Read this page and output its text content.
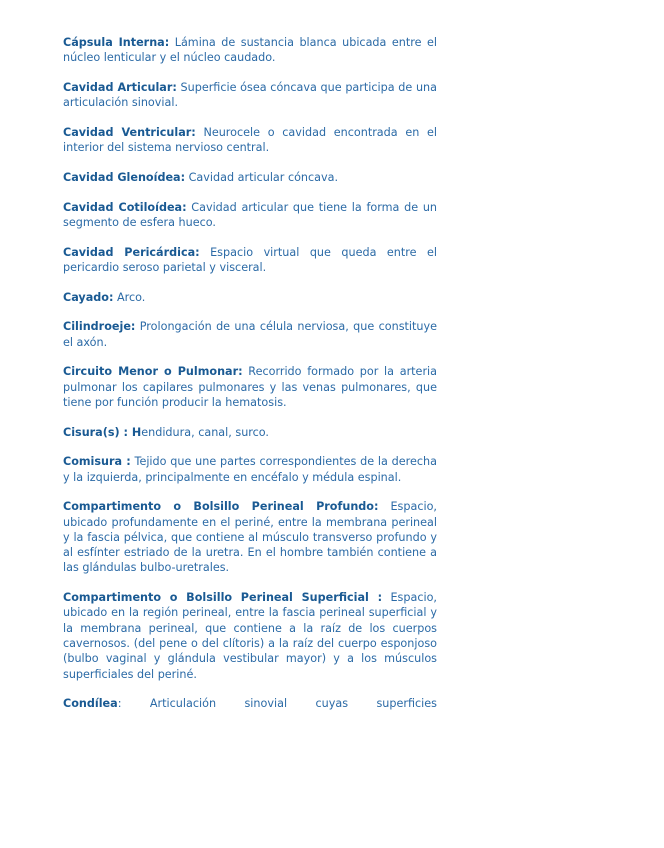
Cápsula Interna: Lámina de sustancia blanca ubicada entre el núcleo lenticular y el núcleo caudado.

Cavidad Articular: Superficie ósea cóncava que participa de una articulación sinovial.

Cavidad Ventricular: Neurocele o cavidad encontrada en el interior del sistema nervioso central.

Cavidad Glenoídea: Cavidad articular cóncava.

Cavidad Cotiloídea: Cavidad articular que tiene la forma de un segmento de esfera hueco.

Cavidad Pericárdica: Espacio virtual que queda entre el pericardio seroso parietal y visceral.

Cayado: Arco.

Cilindroeje: Prolongación de una célula nerviosa, que constituye el axón.

Circuito Menor o Pulmonar: Recorrido formado por la arteria pulmonar los capilares pulmonares y las venas pulmonares, que tiene por función producir la hematosis.

Cisura(s) : Hendidura, canal, surco.

Comisura : Tejido que une partes correspondientes de la derecha y la izquierda, principalmente en encéfalo y médula espinal.

Compartimento o Bolsillo Perineal Profundo: Espacio, ubicado profundamente en el periné, entre la membrana perineal y la fascia pélvica, que contiene al músculo transverso profundo y al esfínter estriado de la uretra. En el hombre también contiene a las glándulas bulbo-uretrales.

Compartimento o Bolsillo Perineal Superficial : Espacio, ubicado en la región perineal, entre la fascia perineal superficial y la membrana perineal, que contiene a la raíz de los cuerpos cavernosos. (del pene o del clítoris) a la raíz del cuerpo esponjoso (bulbo vaginal y glándula vestibular mayor) y a los músculos superficiales del periné.

Condílea: Articulación sinovial cuyas superficies
